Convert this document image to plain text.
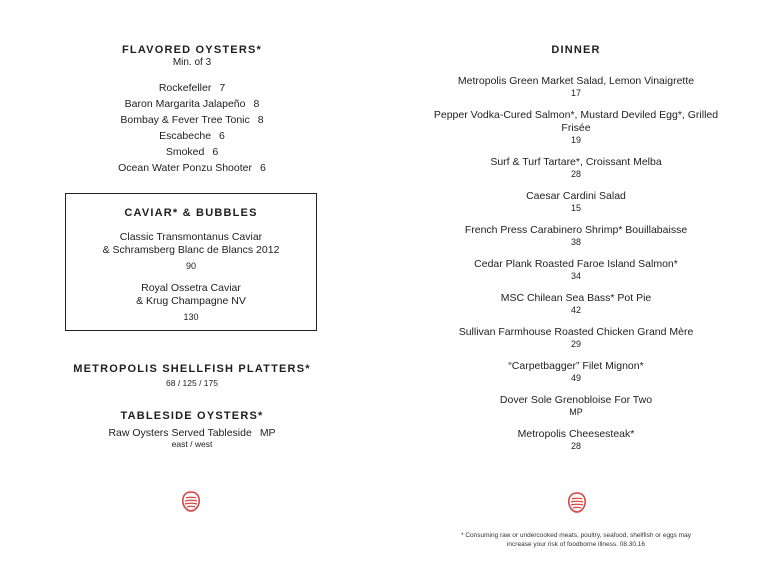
FLAVORED OYSTERS*
Min. of 3
Rockefeller 7
Baron Margarita Jalapeño 8
Bombay & Fever Tree Tonic 8
Escabeche 6
Smoked 6
Ocean Water Ponzu Shooter 6
CAVIAR* & BUBBLES
Classic Transmontanus Caviar
& Schramsberg Blanc de Blancs 2012
90
Royal Ossetra Caviar
& Krug Champagne NV
130
METROPOLIS SHELLFISH PLATTERS*
68 / 125 / 175
TABLESIDE OYSTERS*
Raw Oysters Served Tableside MP
east / west
DINNER
Metropolis Green Market Salad, Lemon Vinaigrette
17
Pepper Vodka-Cured Salmon*, Mustard Deviled Egg*, Grilled Frisée
19
Surf & Turf Tartare*, Croissant Melba
28
Caesar Cardini Salad
15
French Press Carabinero Shrimp* Bouillabaisse
38
Cedar Plank Roasted Faroe Island Salmon*
34
MSC Chilean Sea Bass* Pot Pie
42
Sullivan Farmhouse Roasted Chicken Grand Mère
29
“Carpetbagger” Filet Mignon*
49
Dover Sole Grenobloise For Two
MP
Metropolis Cheesesteak*
28
* Consuming raw or undercooked meats, poultry, seafood, shellfish or eggs may
increase your risk of foodborne illness. 08.30.16
